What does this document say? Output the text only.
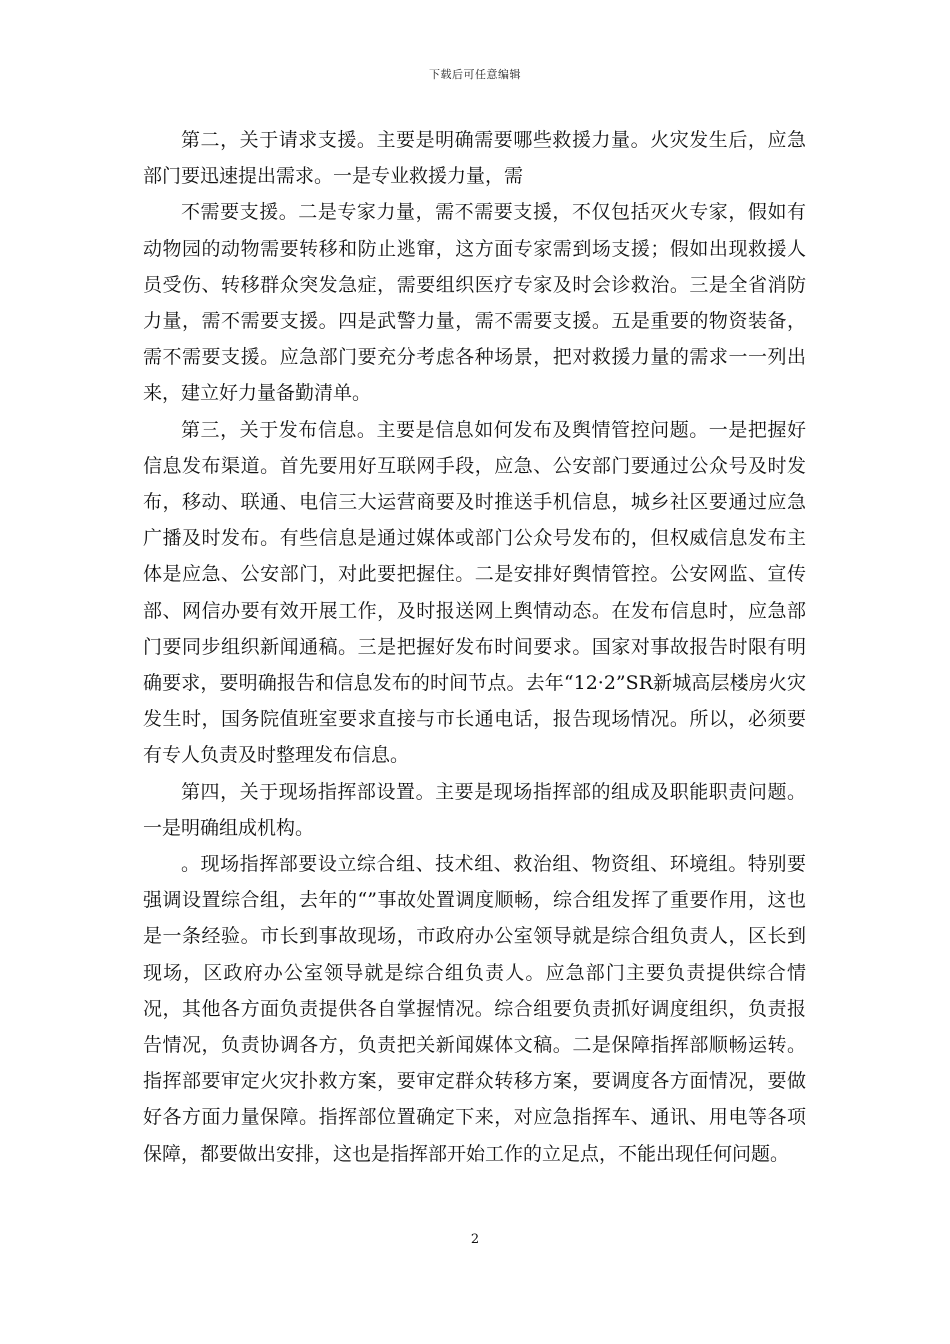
下载后可任意编辑

第二，关于请求支援。主要是明确需要哪些救援力量。火灾发生后，应急部门要迅速提出需求。一是专业救援力量，需

不需要支援。二是专家力量，需不需要支援，不仅包括灭火专家，假如有动物园的动物需要转移和防止逃窜，这方面专家需到场支援；假如出现救援人员受伤、转移群众突发急症，需要组织医疗专家及时会诊救治。三是全省消防力量，需不需要支援。四是武警力量，需不需要支援。五是重要的物资装备，需不需要支援。应急部门要充分考虑各种场景，把对救援力量的需求一一列出来，建立好力量备勤清单。

第三，关于发布信息。主要是信息如何发布及舆情管控问题。一是把握好信息发布渠道。首先要用好互联网手段，应急、公安部门要通过公众号及时发布，移动、联通、电信三大运营商要及时推送手机信息，城乡社区要通过应急广播及时发布。有些信息是通过媒体或部门公众号发布的，但权威信息发布主体是应急、公安部门，对此要把握住。二是安排好舆情管控。公安网监、宣传部、网信办要有效开展工作，及时报送网上舆情动态。在发布信息时，应急部门要同步组织新闻通稿。三是把握好发布时间要求。国家对事故报告时限有明确要求，要明确报告和信息发布的时间节点。去年“12·2”SR新城高层楼房火灾发生时，国务院值班室要求直接与市长通电话，报告现场情况。所以，必须要有专人负责及时整理发布信息。

第四，关于现场指挥部设置。主要是现场指挥部的组成及职能职责问题。一是明确组成机构。

。现场指挥部要设立综合组、技术组、救治组、物资组、环境组。特别要强调设置综合组，去年的“”事故处置调度顺畅，综合组发挥了重要作用，这也是一条经验。市长到事故现场，市政府办公室领导就是综合组负责人，区长到现场，区政府办公室领导就是综合组负责人。应急部门主要负责提供综合情况，其他各方面负责提供各自掌握情况。综合组要负责抓好调度组织，负责报告情况，负责协调各方，负责把关新闻媒体文稿。二是保障指挥部顺畅运转。指挥部要审定火灾扑救方案，要审定群众转移方案，要调度各方面情况，要做好各方面力量保障。指挥部位置确定下来，对应急指挥车、通讯、用电等各项保障，都要做出安排，这也是指挥部开始工作的立足点，不能出现任何问题。

2
